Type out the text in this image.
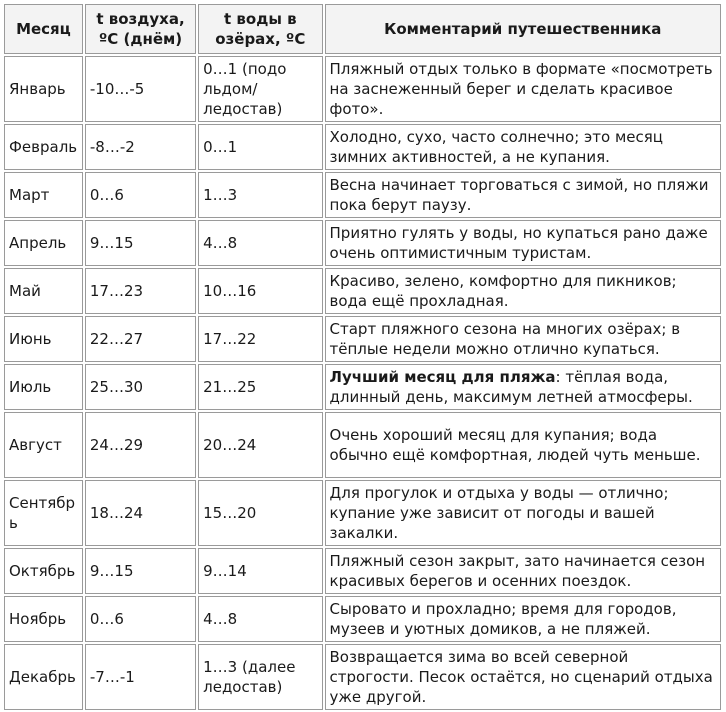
Месяц	t воздуха, ºC (днём)	t воды в озёрах, ºC	Комментарий путешественника
Январь	-10…-5	0…1 (подо льдом/ ледостав)	Пляжный отдых только в формате «посмотреть на заснеженный берег и сделать красивое фото».
Февраль	-8…-2	0…1	Холодно, сухо, часто солнечно; это месяц зимних активностей, а не купания.
Март	0…6	1…3	Весна начинает торговаться с зимой, но пляжи пока берут паузу.
Апрель	9…15	4…8	Приятно гулять у воды, но купаться рано даже очень оптимистичным туристам.
Май	17…23	10…16	Красиво, зелено, комфортно для пикников; вода ещё прохладная.
Июнь	22…27	17…22	Старт пляжного сезона на многих озёрах; в тёплые недели можно отлично купаться.
Июль	25…30	21…25	Лучший месяц для пляжа: тёплая вода, длинный день, максимум летней атмосферы.
Август	24…29	20…24	Очень хороший месяц для купания; вода обычно ещё комфортная, людей чуть меньше.
Сентябрь	18…24	15…20	Для прогулок и отдыха у воды — отлично; купание уже зависит от погоды и вашей закалки.
Октябрь	9…15	9…14	Пляжный сезон закрыт, зато начинается сезон красивых берегов и осенних поездок.
Ноябрь	0…6	4…8	Сыровато и прохладно; время для городов, музеев и уютных домиков, а не пляжей.
Декабрь	-7…-1	1…3 (далее ледостав)	Возвращается зима во всей северной строгости. Песок остаётся, но сценарий отдыха уже другой.
